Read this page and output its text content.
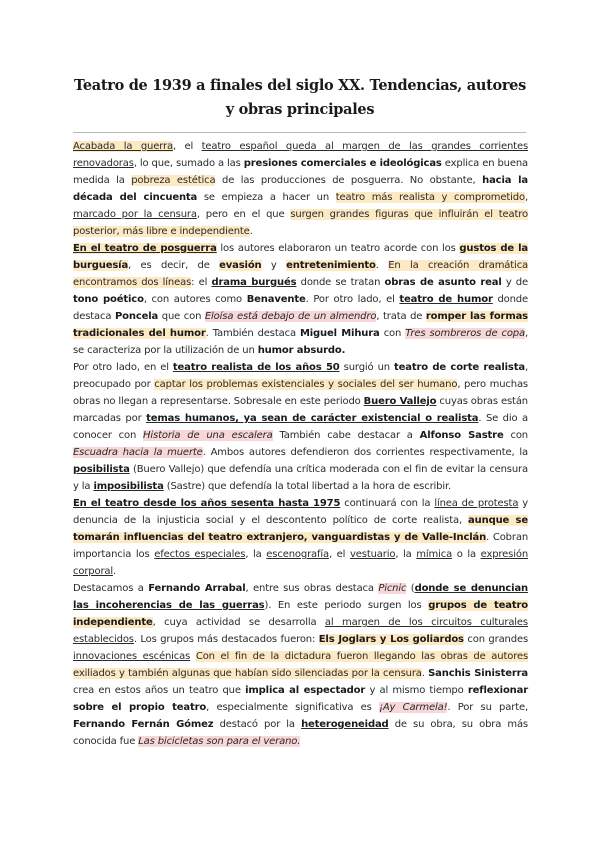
Teatro de 1939 a finales del siglo XX. Tendencias, autores y obras principales

Acabada la guerra, el teatro español queda al margen de las grandes corrientes renovadoras, lo que, sumado a las presiones comerciales e ideológicas explica en buena medida la pobreza estética de las producciones de posguerra. No obstante, hacia la década del cincuenta se empieza a hacer un teatro más realista y comprometido, marcado por la censura, pero en el que surgen grandes figuras que influirán el teatro posterior, más libre e independiente.

En el teatro de posguerra los autores elaboraron un teatro acorde con los gustos de la burguesía, es decir, de evasión y entretenimiento. En la creación dramática encontramos dos líneas: el drama burgués donde se tratan obras de asunto real y de tono poético, con autores como Benavente. Por otro lado, el teatro de humor donde destaca Poncela que con Eloísa está debajo de un almendro, trata de romper las formas tradicionales del humor. También destaca Miguel Mihura con Tres sombreros de copa, se caracteriza por la utilización de un humor absurdo.

Por otro lado, en el teatro realista de los años 50 surgió un teatro de corte realista, preocupado por captar los problemas existenciales y sociales del ser humano, pero muchas obras no llegan a representarse. Sobresale en este periodo Buero Vallejo cuyas obras están marcadas por temas humanos, ya sean de carácter existencial o realista. Se dio a conocer con Historia de una escalera También cabe destacar a Alfonso Sastre con Escuadra hacia la muerte. Ambos autores defendieron dos corrientes respectivamente, la posibilista (Buero Vallejo) que defendía una crítica moderada con el fin de evitar la censura y la imposibilista (Sastre) que defendía la total libertad a la hora de escribir.

En el teatro desde los años sesenta hasta 1975 continuará con la línea de protesta y denuncia de la injusticia social y el descontento político de corte realista, aunque se tomarán influencias del teatro extranjero, vanguardistas y de Valle-Inclán. Cobran importancia los efectos especiales, la escenografía, el vestuario, la mímica o la expresión corporal.

Destacamos a Fernando Arrabal, entre sus obras destaca Picnic (donde se denuncian las incoherencias de las guerras). En este periodo surgen los grupos de teatro independiente, cuya actividad se desarrolla al margen de los circuitos culturales establecidos. Los grupos más destacados fueron: Els Joglars y Los goliardos con grandes innovaciones escénicas Con el fin de la dictadura fueron llegando las obras de autores exiliados y también algunas que habían sido silenciadas por la censura. Sanchis Sinisterra crea en estos años un teatro que implica al espectador y al mismo tiempo reflexionar sobre el propio teatro, especialmente significativa es ¡Ay Carmela!. Por su parte, Fernando Fernán Gómez destacó por la heterogeneidad de su obra, su obra más conocida fue Las bicicletas son para el verano.
